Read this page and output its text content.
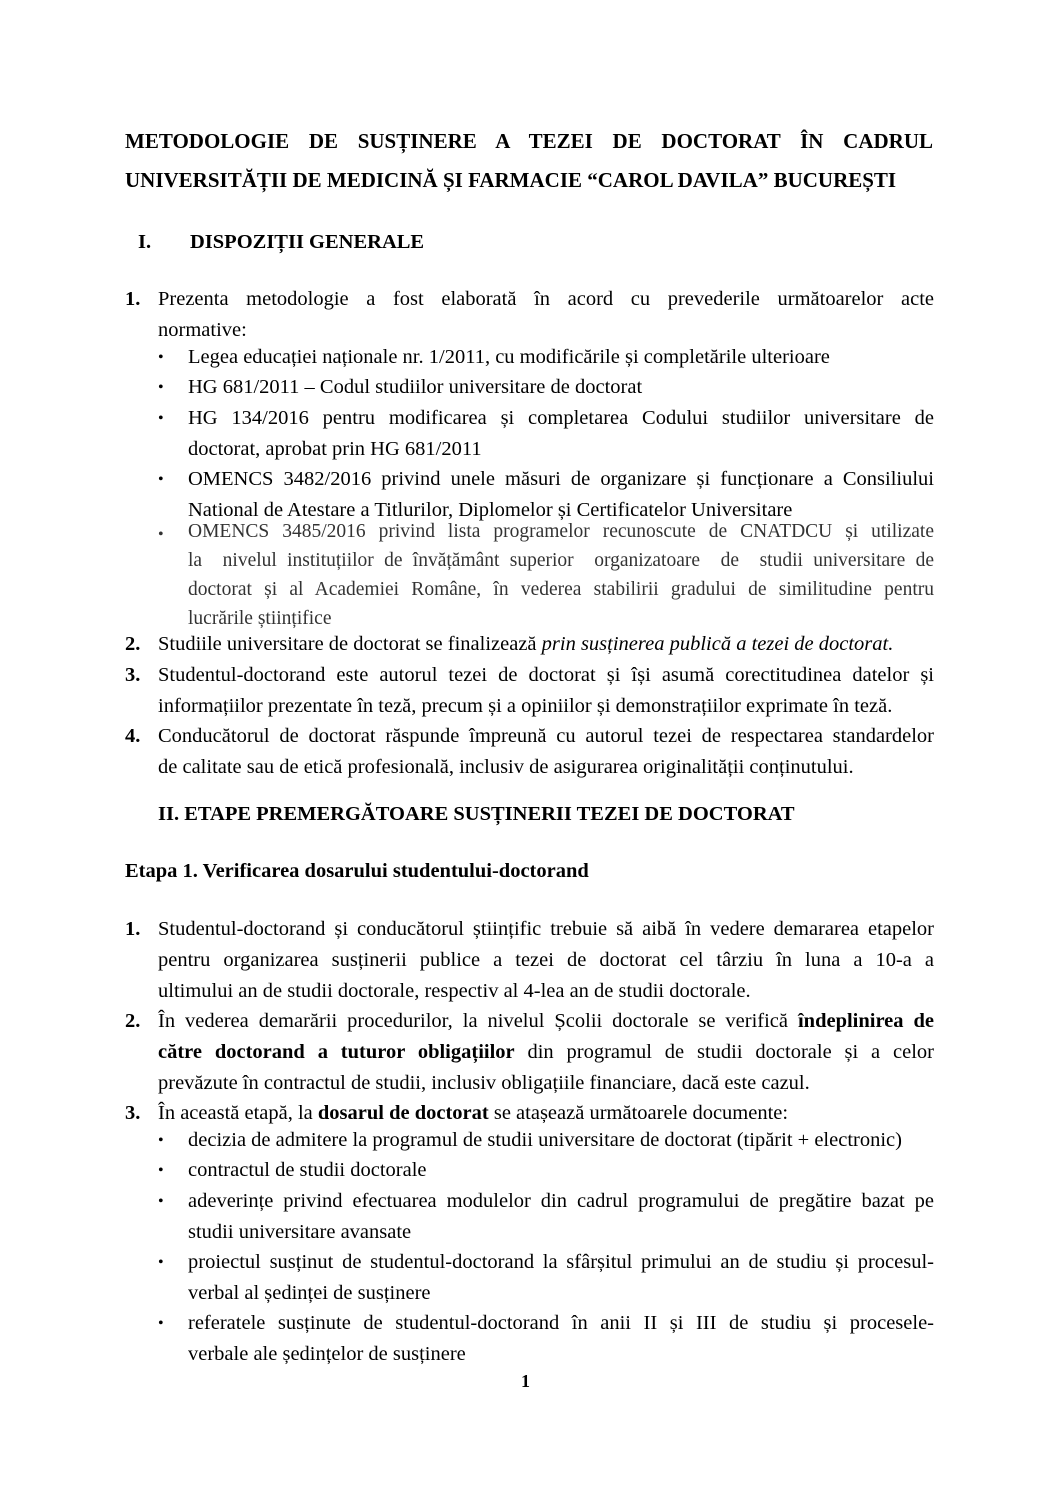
METODOLOGIE DE SUSȚINERE A TEZEI DE DOCTORAT ÎN CADRUL
UNIVERSITĂȚII DE MEDICINĂ ȘI FARMACIE “CAROL DAVILA” BUCUREȘTI
I. DISPOZIȚII GENERALE
1. Prezenta metodologie a fost elaborată în acord cu prevederile următoarelor acte
normative:
• Legea educației naționale nr. 1/2011, cu modificările și completările ulterioare
• HG 681/2011 – Codul studiilor universitare de doctorat
• HG 134/2016 pentru modificarea și completarea Codului studiilor universitare de
doctorat, aprobat prin HG 681/2011
• OMENCS 3482/2016 privind unele măsuri de organizare și funcționare a Consiliului
National de Atestare a Titlurilor, Diplomelor și Certificatelor Universitare
• OMENCS 3485/2016 privind lista programelor recunoscute de CNATDCU și utilizate
la  nivelul instituțiilor de învățământ superior  organizatoare  de  studii universitare de
doctorat și al Academiei Române, în vederea stabilirii gradului de similitudine pentru
lucrările științifice
2. Studiile universitare de doctorat se finalizează prin susținerea publică a tezei de doctorat.
3. Studentul-doctorand este autorul tezei de doctorat și își asumă corectitudinea datelor și
informațiilor prezentate în teză, precum și a opiniilor și demonstrațiilor exprimate în teză.
4. Conducătorul de doctorat răspunde împreună cu autorul tezei de respectarea standardelor
de calitate sau de etică profesională, inclusiv de asigurarea originalității conținutului.
II. ETAPE PREMERGĂTOARE SUSȚINERII TEZEI DE DOCTORAT
Etapa 1. Verificarea dosarului studentului-doctorand
1. Studentul-doctorand și conducătorul științific trebuie să aibă în vedere demararea etapelor
pentru organizarea susținerii publice a tezei de doctorat cel târziu în luna a 10-a a
ultimului an de studii doctorale, respectiv al 4-lea an de studii doctorale.
2. În vederea demarării procedurilor, la nivelul Școlii doctorale se verifică îndeplinirea de
către doctorand a tuturor obligațiilor din programul de studii doctorale și a celor
prevăzute în contractul de studii, inclusiv obligațiile financiare, dacă este cazul.
3. În această etapă, la dosarul de doctorat se atașează următoarele documente:
• decizia de admitere la programul de studii universitare de doctorat (tipărit + electronic)
• contractul de studii doctorale
• adeverințe privind efectuarea modulelor din cadrul programului de pregătire bazat pe
studii universitare avansate
• proiectul susținut de studentul-doctorand la sfârșitul primului an de studiu și procesul-
verbal al ședinței de susținere
• referatele susținute de studentul-doctorand în anii II și III de studiu și procesele-
verbale ale ședințelor de susținere
1
